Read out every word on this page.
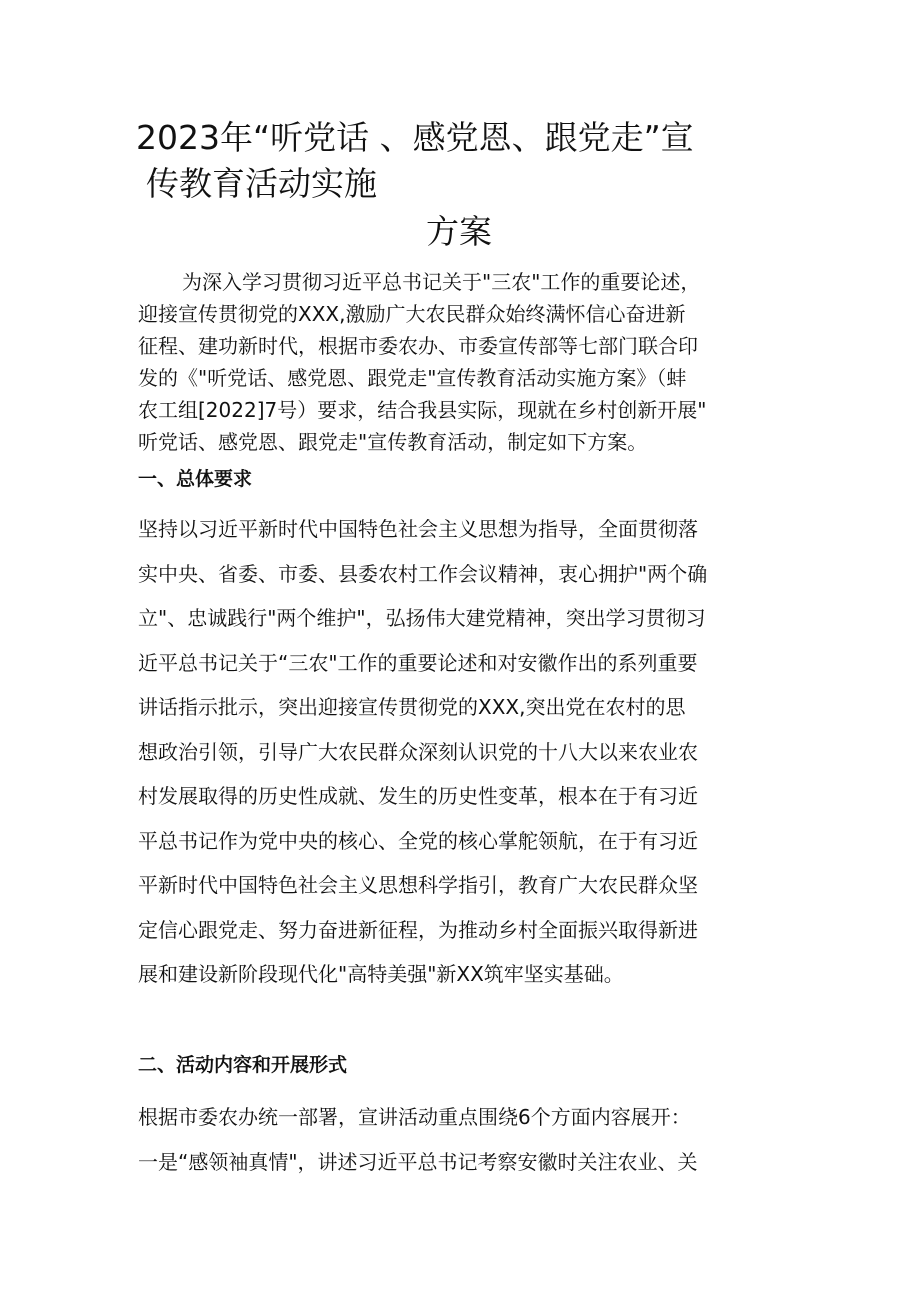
2023年“听党话 、感党恩、跟党走”宣
传教育活动实施
方案
为深入学习贯彻习近平总书记关于"三农"工作的重要论述，
迎接宣传贯彻党的XXX,激励广大农民群众始终满怀信心奋进新
征程、建功新时代，根据市委农办、市委宣传部等七部门联合印
发的《"听党话、感党恩、跟党走"宣传教育活动实施方案》（蚌
农工组[2022]7号）要求，结合我县实际，现就在乡村创新开展"
听党话、感党恩、跟党走"宣传教育活动，制定如下方案。
一、总体要求
坚持以习近平新时代中国特色社会主义思想为指导，全面贯彻落
实中央、省委、市委、县委农村工作会议精神，衷心拥护"两个确
立"、忠诚践行"两个维护"，弘扬伟大建党精神，突出学习贯彻习
近平总书记关于“三农"工作的重要论述和对安徽作出的系列重要
讲话指示批示，突出迎接宣传贯彻党的XXX,突出党在农村的思
想政治引领，引导广大农民群众深刻认识党的十八大以来农业农
村发展取得的历史性成就、发生的历史性变革，根本在于有习近
平总书记作为党中央的核心、全党的核心掌舵领航，在于有习近
平新时代中国特色社会主义思想科学指引，教育广大农民群众坚
定信心跟党走、努力奋进新征程，为推动乡村全面振兴取得新进
展和建设新阶段现代化"高特美强"新XX筑牢坚实基础。
二、活动内容和开展形式
根据市委农办统一部署，宣讲活动重点围绕6个方面内容展开：
一是“感领袖真情"，讲述习近平总书记考察安徽时关注农业、关
